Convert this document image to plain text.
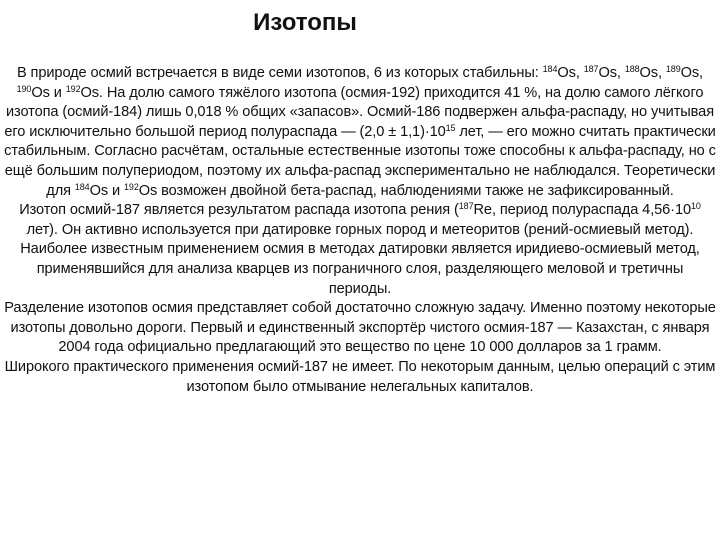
Изотопы

В природе осмий встречается в виде семи изотопов, 6 из которых стабильны: $^{184}$Os, $^{187}$Os, $^{188}$Os, $^{189}$Os, $^{190}$Os и $^{192}$Os. На долю самого тяжёлого изотопа (осмия-192) приходится 41 %, на долю самого лёгкого изотопа (осмий-184) лишь 0,018 % общих «запасов». Осмий-186 подвержен альфа-распаду, но учитывая его исключительно большой период полураспада — $(2,0 \pm 1,1)\cdot 10^{15}$ лет, — его можно считать практически стабильным. Согласно расчётам, остальные естественные изотопы тоже способны к альфа-распаду, но с ещё большим полупериодом, поэтому их альфа-распад экспериментально не наблюдался. Теоретически для $^{184}$Os и $^{192}$Os возможен двойной бета-распад, наблюдениями также не зафиксированный.

Изотоп осмий-187 является результатом распада изотопа рения ($^{187}$Re, период полураспада $4,56\cdot 10^{10}$ лет). Он активно используется при датировке горных пород и метеоритов (рений-осмиевый метод). Наиболее известным применением осмия в методах датировки является иридиево-осмиевый метод, применявшийся для анализа кварцев из пограничного слоя, разделяющего меловой и третичны периоды.

Разделение изотопов осмия представляет собой достаточно сложную задачу. Именно поэтому некоторые изотопы довольно дороги. Первый и единственный экспортёр чистого осмия-187 — Казахстан, с января 2004 года официально предлагающий это вещество по цене 10 000 долларов за 1 грамм.

Широкого практического применения осмий-187 не имеет. По некоторым данным, целью операций с этим изотопом было отмывание нелегальных капиталов.
